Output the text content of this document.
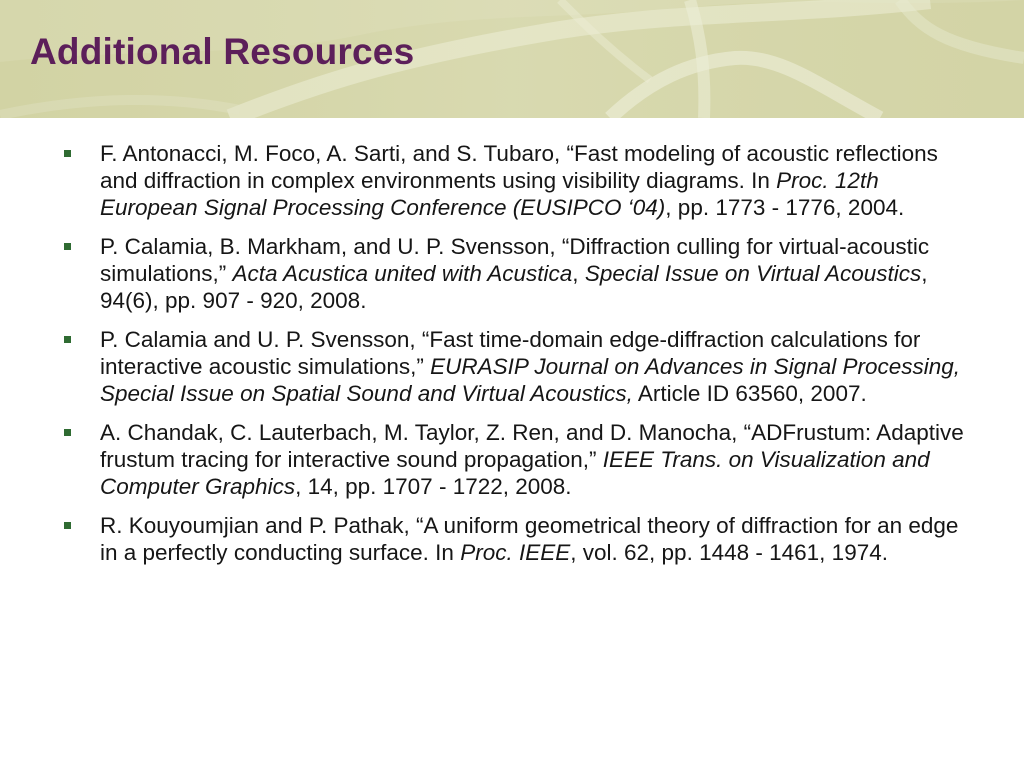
Additional Resources
F. Antonacci, M. Foco, A. Sarti, and S. Tubaro, “Fast modeling of acoustic reflections and diffraction in complex environments using visibility diagrams. In Proc. 12th European Signal Processing Conference (EUSIPCO ‘04), pp. 1773 - 1776, 2004.
P. Calamia, B. Markham, and U. P. Svensson, “Diffraction culling for virtual-acoustic simulations,” Acta Acustica united with Acustica, Special Issue on Virtual Acoustics, 94(6), pp. 907 - 920, 2008.
P. Calamia and U. P. Svensson, “Fast time-domain edge-diffraction calculations for interactive acoustic simulations,” EURASIP Journal on Advances in Signal Processing, Special Issue on Spatial Sound and Virtual Acoustics, Article ID 63560, 2007.
A. Chandak, C. Lauterbach, M. Taylor, Z. Ren, and D. Manocha, “ADFrustum: Adaptive frustum tracing for interactive sound propagation,” IEEE Trans. on Visualization and Computer Graphics, 14, pp. 1707 - 1722, 2008.
R. Kouyoumjian and P. Pathak, “A uniform geometrical theory of diffraction for an edge in a perfectly conducting surface. In Proc. IEEE, vol. 62, pp. 1448 - 1461, 1974.
